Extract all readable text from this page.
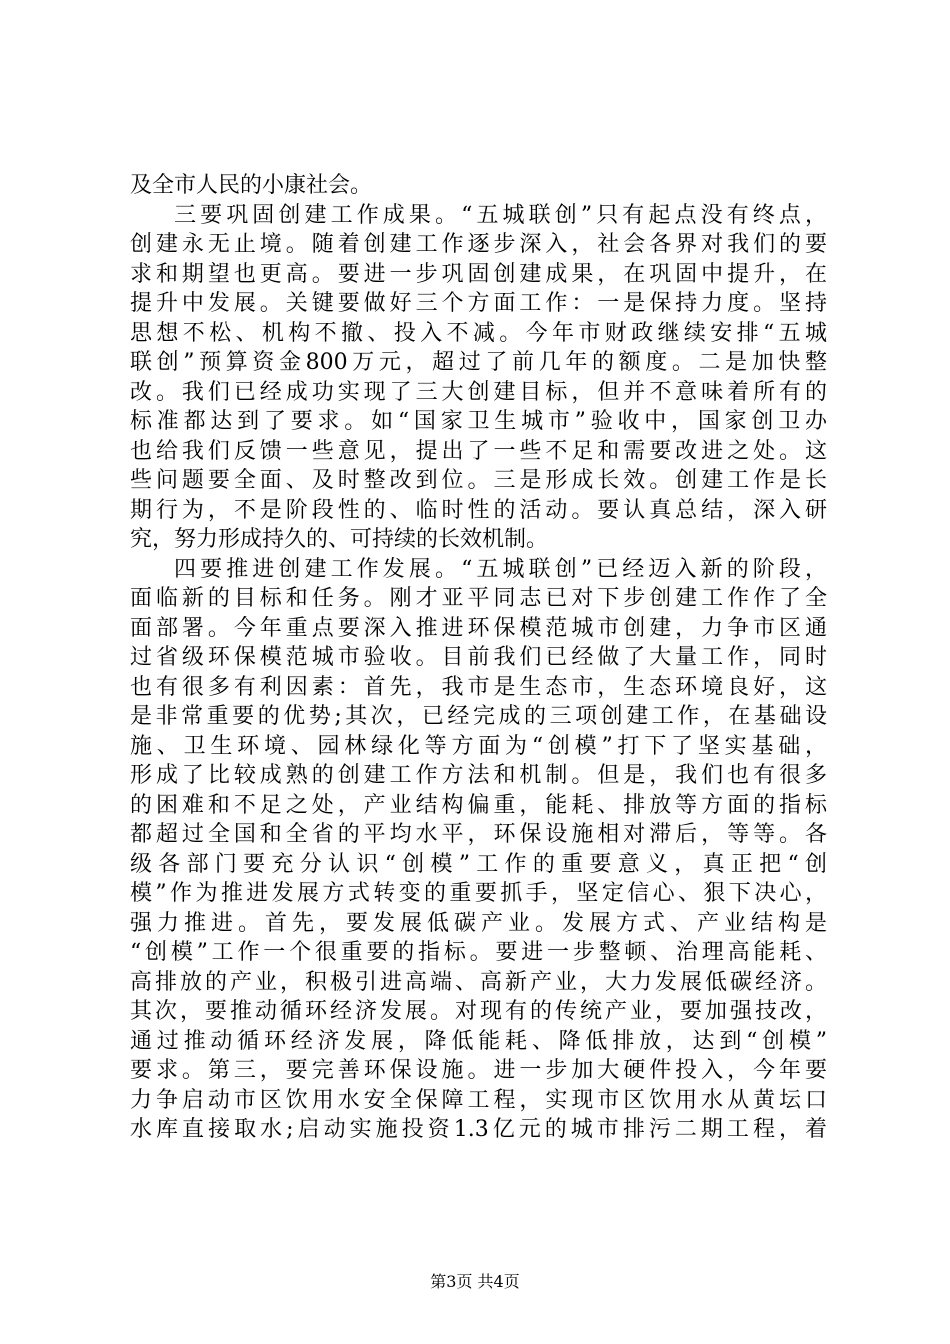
及全市人民的小康社会。
三要巩固创建工作成果。“五城联创”只有起点没有终点，
创建永无止境。随着创建工作逐步深入，社会各界对我们的要
求和期望也更高。要进一步巩固创建成果，在巩固中提升，在
提升中发展。关键要做好三个方面工作：一是保持力度。坚持
思想不松、机构不撤、投入不减。今年市财政继续安排“五城
联创”预算资金800万元，超过了前几年的额度。二是加快整
改。我们已经成功实现了三大创建目标，但并不意味着所有的
标准都达到了要求。如“国家卫生城市”验收中，国家创卫办
也给我们反馈一些意见，提出了一些不足和需要改进之处。这
些问题要全面、及时整改到位。三是形成长效。创建工作是长
期行为，不是阶段性的、临时性的活动。要认真总结，深入研
究，努力形成持久的、可持续的长效机制。
四要推进创建工作发展。“五城联创”已经迈入新的阶段，
面临新的目标和任务。刚才亚平同志已对下步创建工作作了全
面部署。今年重点要深入推进环保模范城市创建，力争市区通
过省级环保模范城市验收。目前我们已经做了大量工作，同时
也有很多有利因素：首先，我市是生态市，生态环境良好，这
是非常重要的优势;其次，已经完成的三项创建工作，在基础设
施、卫生环境、园林绿化等方面为“创模”打下了坚实基础，
形成了比较成熟的创建工作方法和机制。但是，我们也有很多
的困难和不足之处，产业结构偏重，能耗、排放等方面的指标
都超过全国和全省的平均水平，环保设施相对滞后，等等。各
级各部门要充分认识“创模”工作的重要意义，真正把“创
模”作为推进发展方式转变的重要抓手，坚定信心、狠下决心，
强力推进。首先，要发展低碳产业。发展方式、产业结构是
“创模”工作一个很重要的指标。要进一步整顿、治理高能耗、
高排放的产业，积极引进高端、高新产业，大力发展低碳经济。
其次，要推动循环经济发展。对现有的传统产业，要加强技改，
通过推动循环经济发展，降低能耗、降低排放，达到“创模”
要求。第三，要完善环保设施。进一步加大硬件投入，今年要
力争启动市区饮用水安全保障工程，实现市区饮用水从黄坛口
水库直接取水;启动实施投资1.3亿元的城市排污二期工程，着
第3页 共4页
